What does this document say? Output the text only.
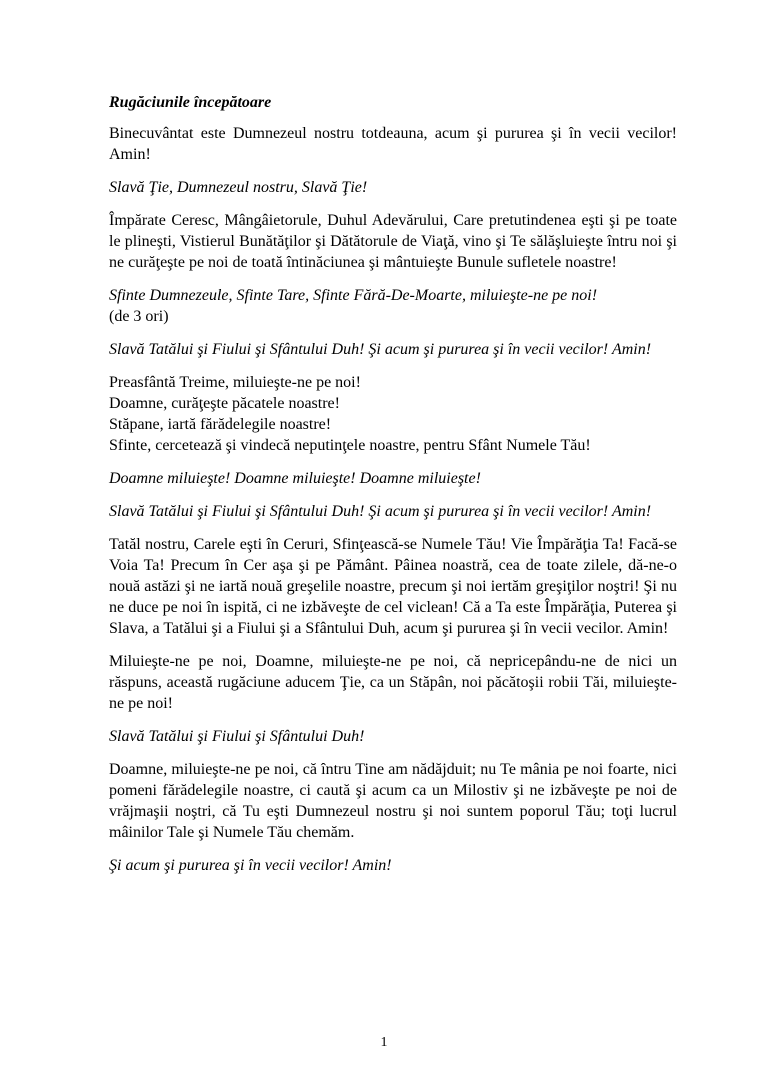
Rugăciunile începătoare
Binecuvântat este Dumnezeul nostru totdeauna, acum şi pururea şi în vecii vecilor! Amin!
Slavă Ţie, Dumnezeul nostru, Slavă Ţie!
Împărate Ceresc, Mângâietorule, Duhul Adevărului, Care pretutindenea eşti şi pe toate le plineşti, Vistierul Bunătăţilor şi Dătătorule de Viaţă, vino şi Te sălăşluieşte întru noi şi ne curăţeşte pe noi de toată întinăciunea şi mântuieşte Bunule sufletele noastre!
Sfinte Dumnezeule, Sfinte Tare, Sfinte Fără-De-Moarte, miluieşte-ne pe noi!
(de 3 ori)
Slavă Tatălui şi Fiului şi Sfântului Duh! Şi acum şi pururea şi în vecii vecilor! Amin!
Preasfântă Treime, miluieşte-ne pe noi!
Doamne, curăţeşte păcatele noastre!
Stăpane, iartă fărădelegile noastre!
Sfinte, cercetează şi vindecă neputinţele noastre, pentru Sfânt Numele Tău!
Doamne miluieşte! Doamne miluieşte! Doamne miluieşte!
Slavă Tatălui şi Fiului şi Sfântului Duh! Şi acum şi pururea şi în vecii vecilor! Amin!
Tatăl nostru, Carele eşti în Ceruri, Sfinţească-se Numele Tău! Vie Împărăţia Ta! Facă-se Voia Ta! Precum în Cer aşa şi pe Pământ. Pâinea noastră, cea de toate zilele, dă-ne-o nouă astăzi şi ne iartă nouă greşelile noastre, precum şi noi iertăm greşiţilor noştri! Şi nu ne duce pe noi în ispită, ci ne izbăveşte de cel viclean! Că a Ta este Împărăţia, Puterea şi Slava, a Tatălui şi a Fiului şi a Sfântului Duh, acum şi pururea şi în vecii vecilor. Amin!
Miluieşte-ne pe noi, Doamne, miluieşte-ne pe noi, că nepricepându-ne de nici un răspuns, această rugăciune aducem Ţie, ca un Stăpân, noi păcătoşii robii Tăi, miluieşte-ne pe noi!
Slavă Tatălui şi Fiului şi Sfântului Duh!
Doamne, miluieşte-ne pe noi, că întru Tine am nădăjduit; nu Te mânia pe noi foarte, nici pomeni fărădelegile noastre, ci caută şi acum ca un Milostiv şi ne izbăveşte pe noi de vrăjmaşii noştri, că Tu eşti Dumnezeul nostru şi noi suntem poporul Tău; toţi lucrul mâinilor Tale şi Numele Tău chemăm.
Şi acum şi pururea şi în vecii vecilor! Amin!
1
